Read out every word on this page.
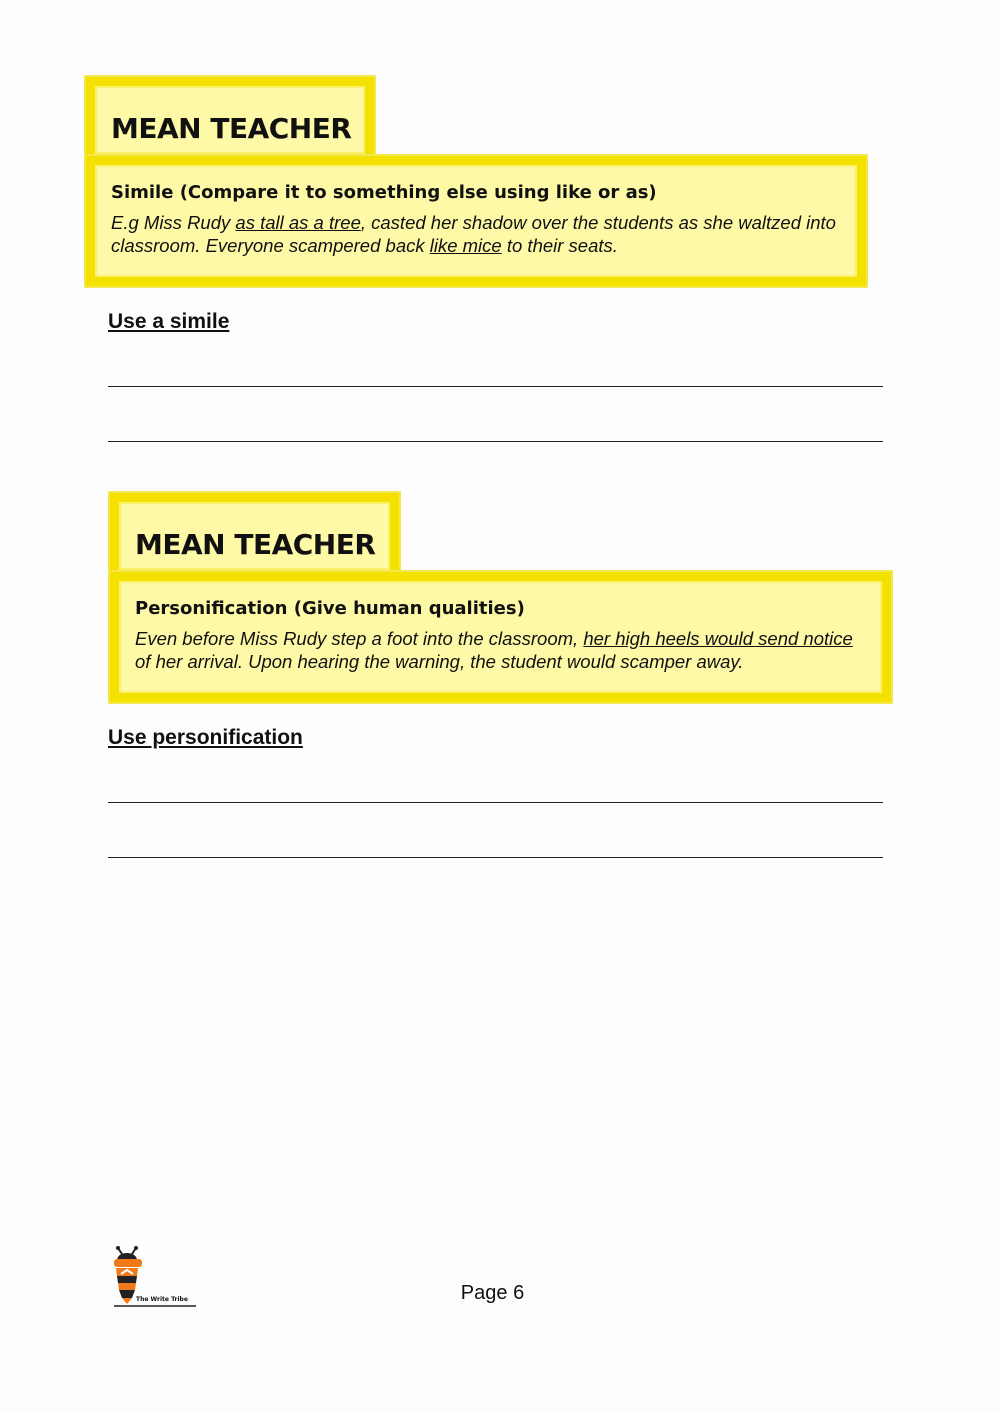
MEAN TEACHER
Simile (Compare it to something else using like or as)
E.g Miss Rudy as tall as a tree, casted her shadow over the students as she waltzed into classroom. Everyone scampered back like mice to their seats.
Use a simile
MEAN TEACHER
Personification (Give human qualities)
Even before Miss Rudy step a foot into the classroom, her high heels would send notice of her arrival. Upon hearing the warning, the student would scamper away.
Use personification
The Write Tribe	Page 6
